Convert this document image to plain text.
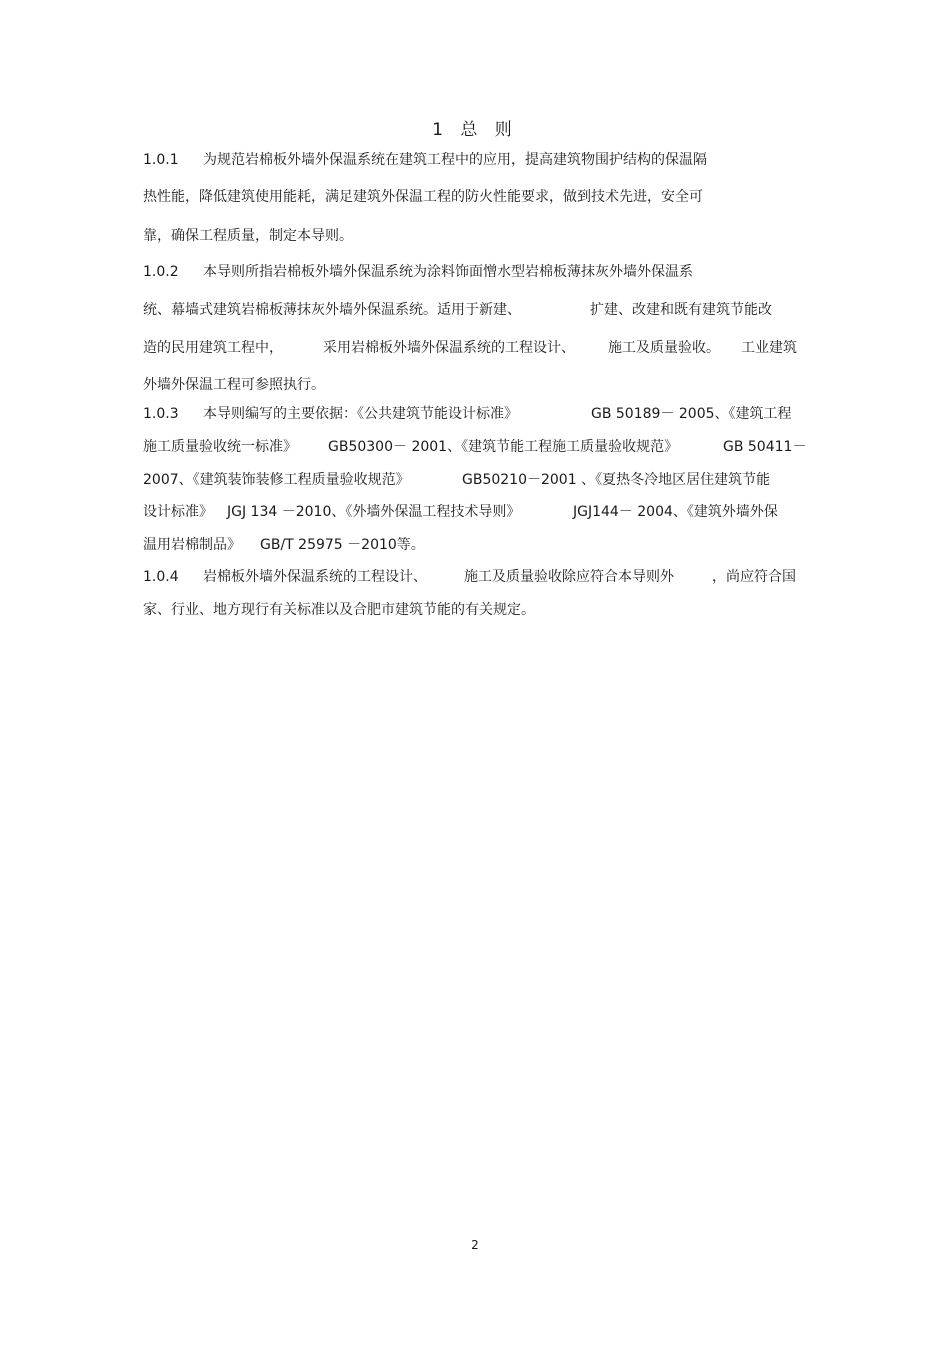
1 总 则
1.0.1 为规范岩棉板外墙外保温系统在建筑工程中的应用，提高建筑物围护结构的保温隔
热性能，降低建筑使用能耗，满足建筑外保温工程的防火性能要求，做到技术先进，安全可
靠，确保工程质量，制定本导则。
1.0.2 本导则所指岩棉板外墙外保温系统为涂料饰面憎水型岩棉板薄抹灰外墙外保温系
统、幕墙式建筑岩棉板薄抹灰外墙外保温系统。适用于新建、	扩建、改建和既有建筑节能改
造的民用建筑工程中，	采用岩棉板外墙外保温系统的工程设计、 施工及质量验收。 工业建筑
外墙外保温工程可参照执行。
1.0.3 本导则编写的主要依据：《公共建筑节能设计标准》	GB 50189－ 2005、《建筑工程
施工质量验收统一标准》 GB50300－ 2001、《建筑节能工程施工质量验收规范》	GB 50411－
2007、《建筑装饰装修工程质量验收规范》	GB50210－2001 、《夏热冬冷地区居住建筑节能
设计标准》 JGJ 134 －2010、《外墙外保温工程技术导则》	JGJ144－ 2004、《建筑外墙外保
温用岩棉制品》 GB/T 25975 －2010等。
1.0.4 岩棉板外墙外保温系统的工程设计、	施工及质量验收除应符合本导则外	，尚应符合国
家、行业、地方现行有关标准以及合肥市建筑节能的有关规定。
2
